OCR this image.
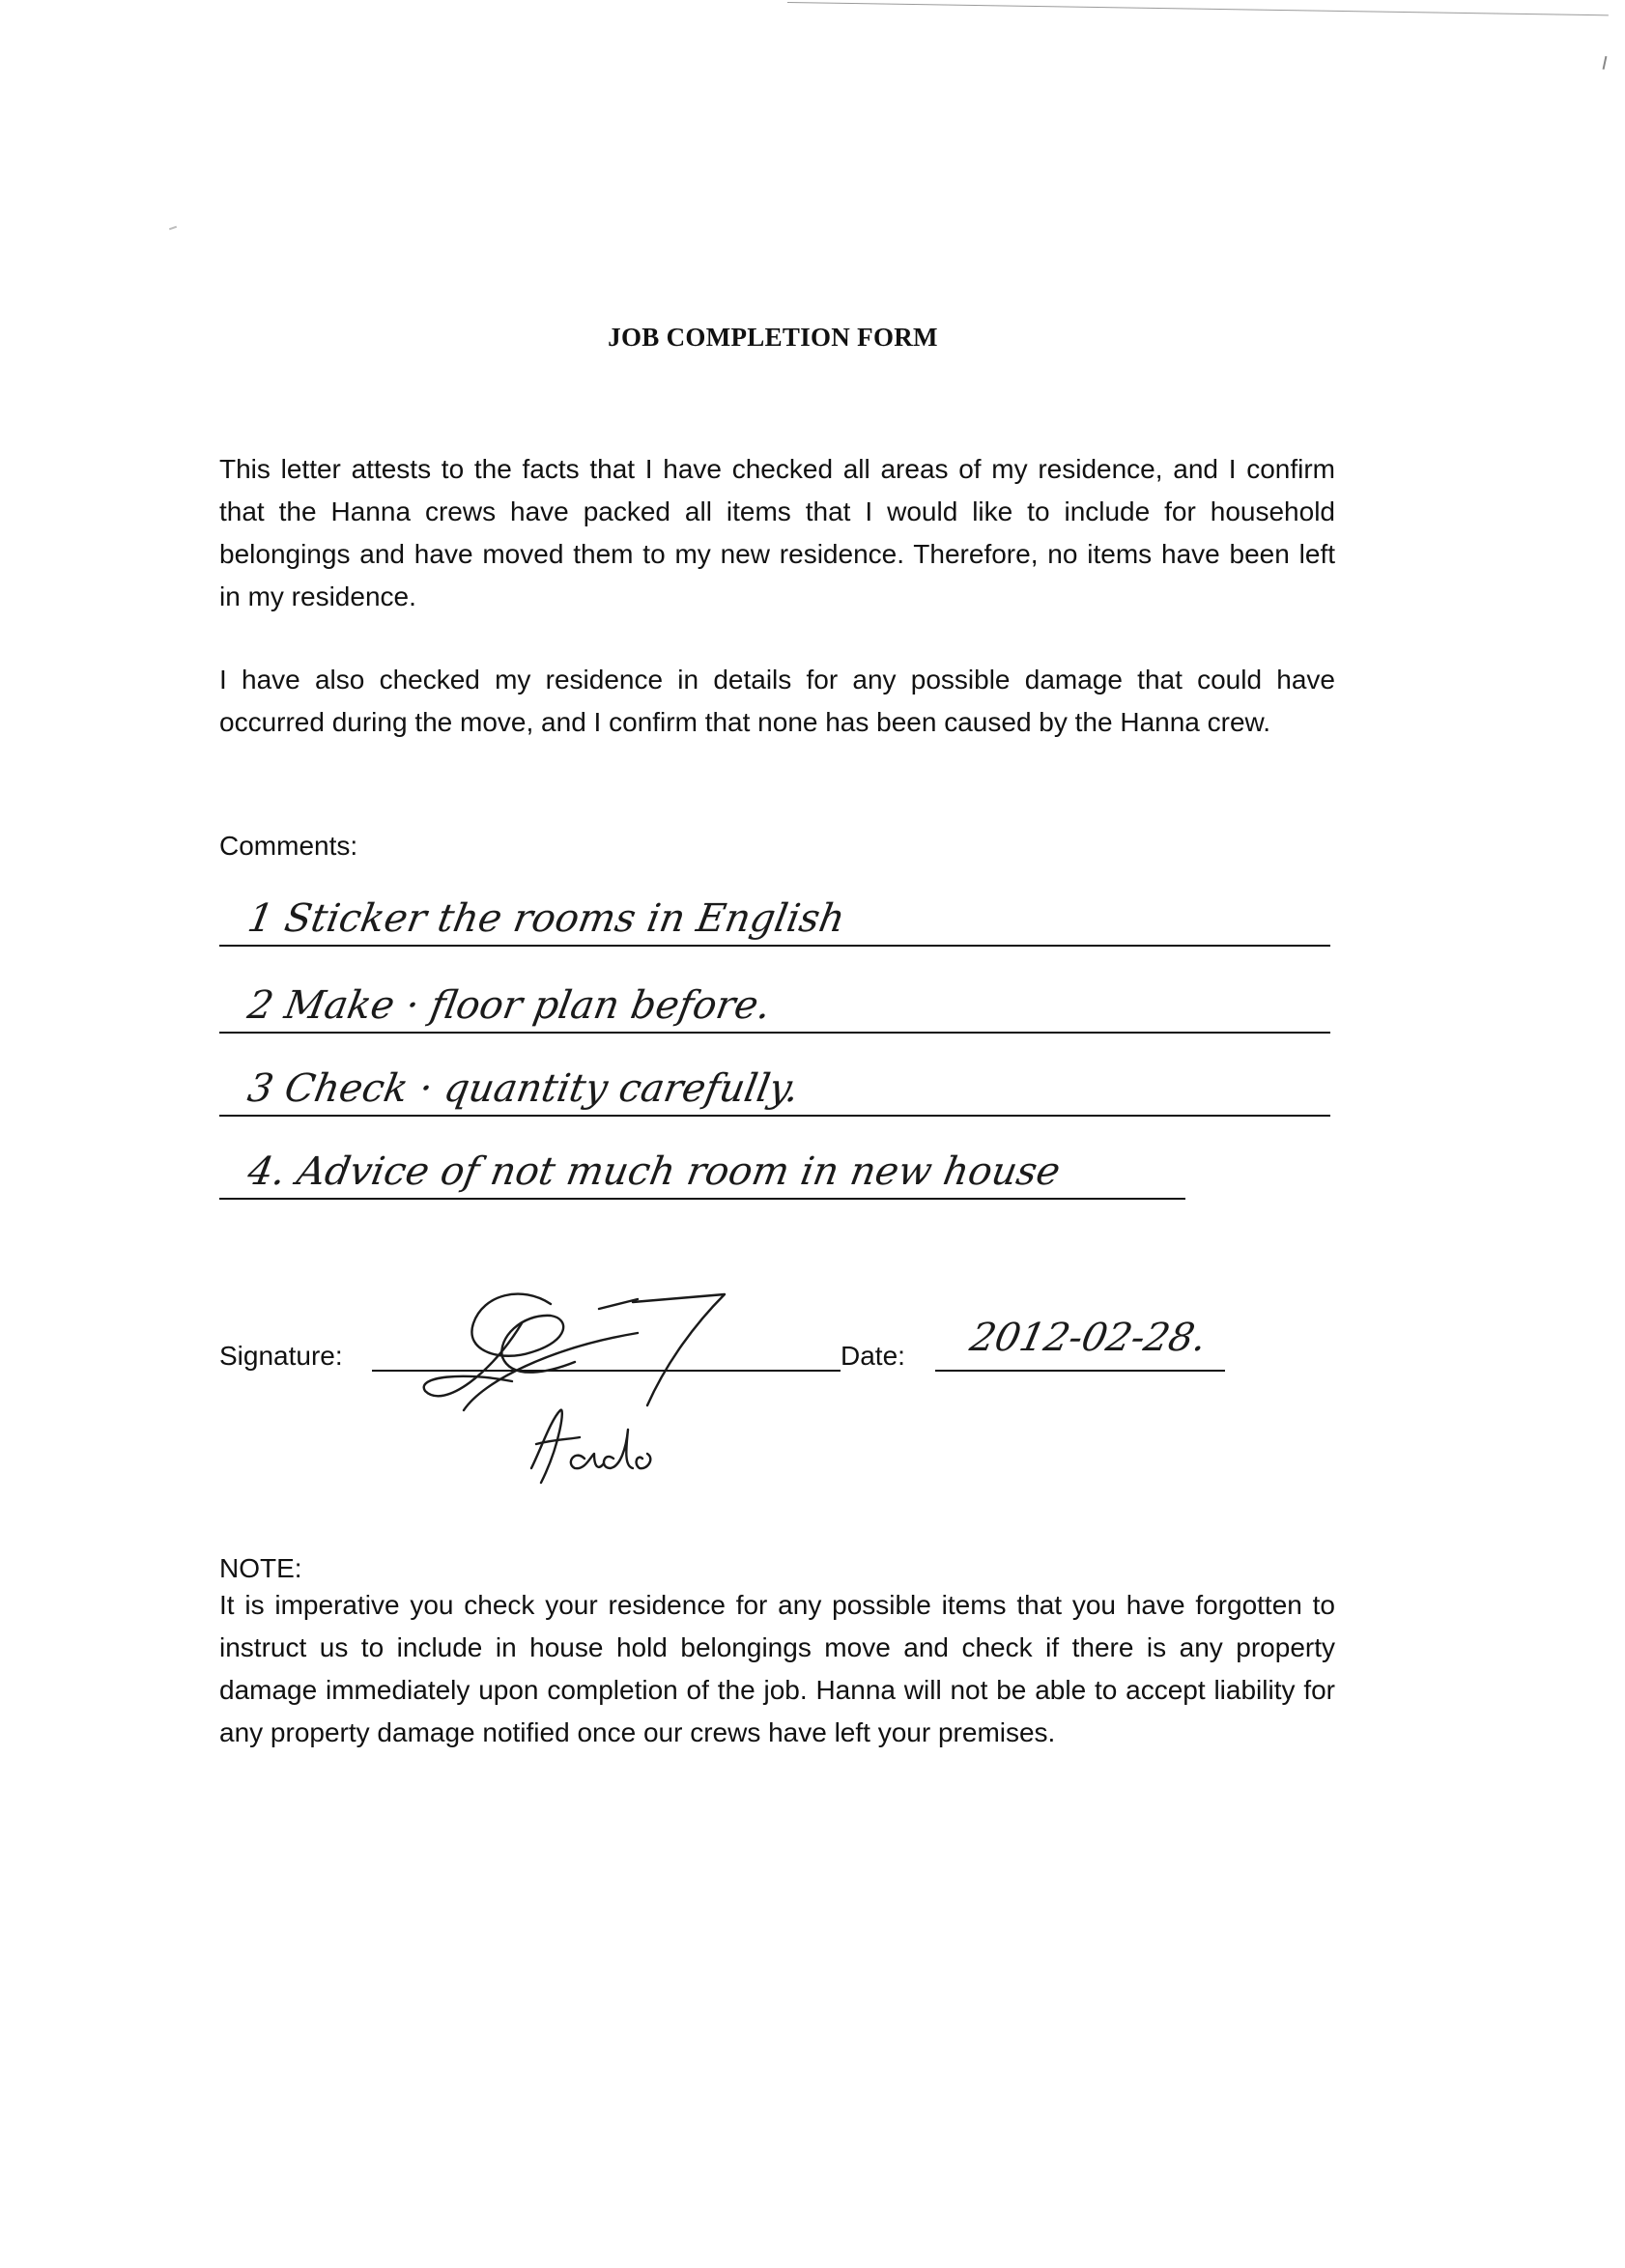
JOB COMPLETION FORM

This letter attests to the facts that I have checked all areas of my residence, and I confirm that the Hanna crews have packed all items that I would like to include for household belongings and have moved them to my new residence. Therefore, no items have been left in my residence.

I have also checked my residence in details for any possible damage that could have occurred during the move, and I confirm that none has been caused by the Hanna crew.

Comments:
1 Sticker the rooms in English
2 Make · floor plan before.
3 Check · quantity carefully.
4. Advice of not much room in new house
Signature:	Date: 2012-02-28.
NOTE:

It is imperative you check your residence for any possible items that you have forgotten to instruct us to include in house hold belongings move and check if there is any property damage immediately upon completion of the job. Hanna will not be able to accept liability for any property damage notified once our crews have left your premises.
